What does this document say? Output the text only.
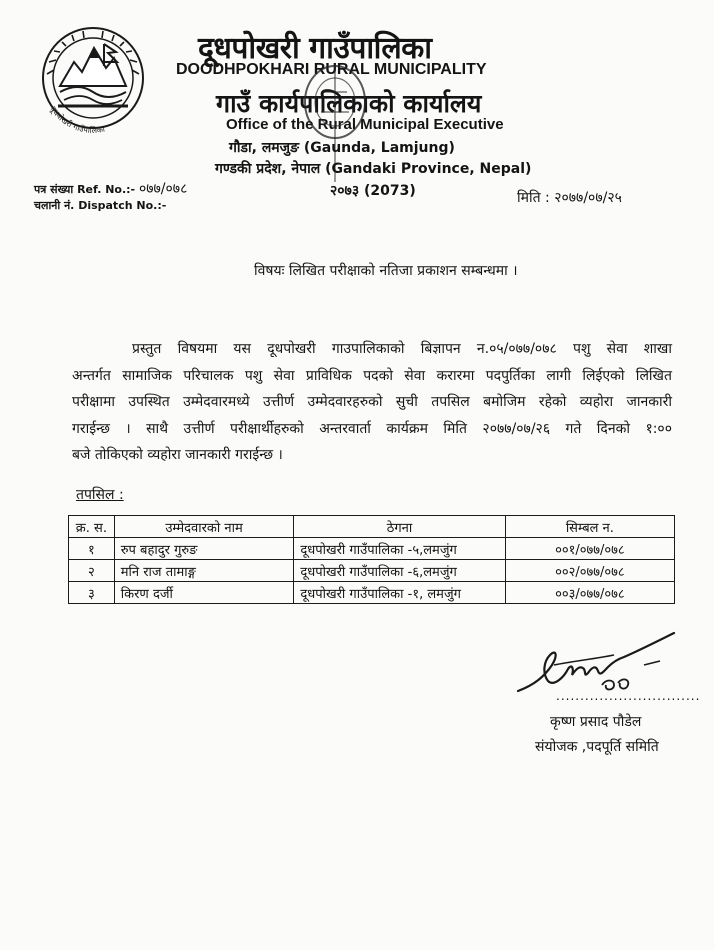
दूधपोखरी गाउँपालिका
दूधपोखरी गाउँपालिका
DOODHPOKHARI RURAL MUNICIPALITY
गाउँ कार्यपालिकाको कार्यालय
Office of the Rural Municipal Executive
गौडा, लमजुङ (Gaunda, Lamjung)
गण्डकी प्रदेश, नेपाल (Gandaki Province, Nepal)
२०७३ (2073)
पत्र संख्या Ref. No.:- ०७७/०७८
चलानी नं. Dispatch No.:-	मिति : २०७७/०७/२५
विषयः लिखित परीक्षाको नतिजा प्रकाशन सम्बन्धमा ।
प्रस्तुत विषयमा यस दूधपोखरी गाउपालिकाको बिज्ञापन न.०५/०७७/०७८ पशु सेवा शाखा
अन्तर्गत सामाजिक परिचालक पशु सेवा प्राविधिक पदको सेवा करारमा पदपुर्तिका लागी लिईएको लिखित
परीक्षामा उपस्थित उम्मेदवारमध्ये उत्तीर्ण उम्मेदवारहरुको सुची तपसिल बमोजिम रहेको व्यहोरा जानकारी
गराईन्छ । साथै उत्तीर्ण परीक्षार्थीहरुको अन्तरवार्ता कार्यक्रम मिति २०७७/०७/२६ गते दिनको १:००
बजे तोकिएको व्यहोरा जानकारी गराईन्छ ।
तपसिल :
क्र. स.	उम्मेदवारको नाम	ठेगना	सिम्बल न.
१	रुप बहादुर गुरुङ	दूधपोखरी गाउँपालिका -५,लमजुंग	००१/०७७/०७८
२	मनि राज तामाङ्ग	दूधपोखरी गाउँपालिका -६,लमजुंग	००२/०७७/०७८
३	किरण दर्जी	दूधपोखरी गाउँपालिका -१, लमजुंग	००३/०७७/०७८
..............................
कृष्ण प्रसाद पौडेल
संयोजक ,पदपूर्ति समिति
